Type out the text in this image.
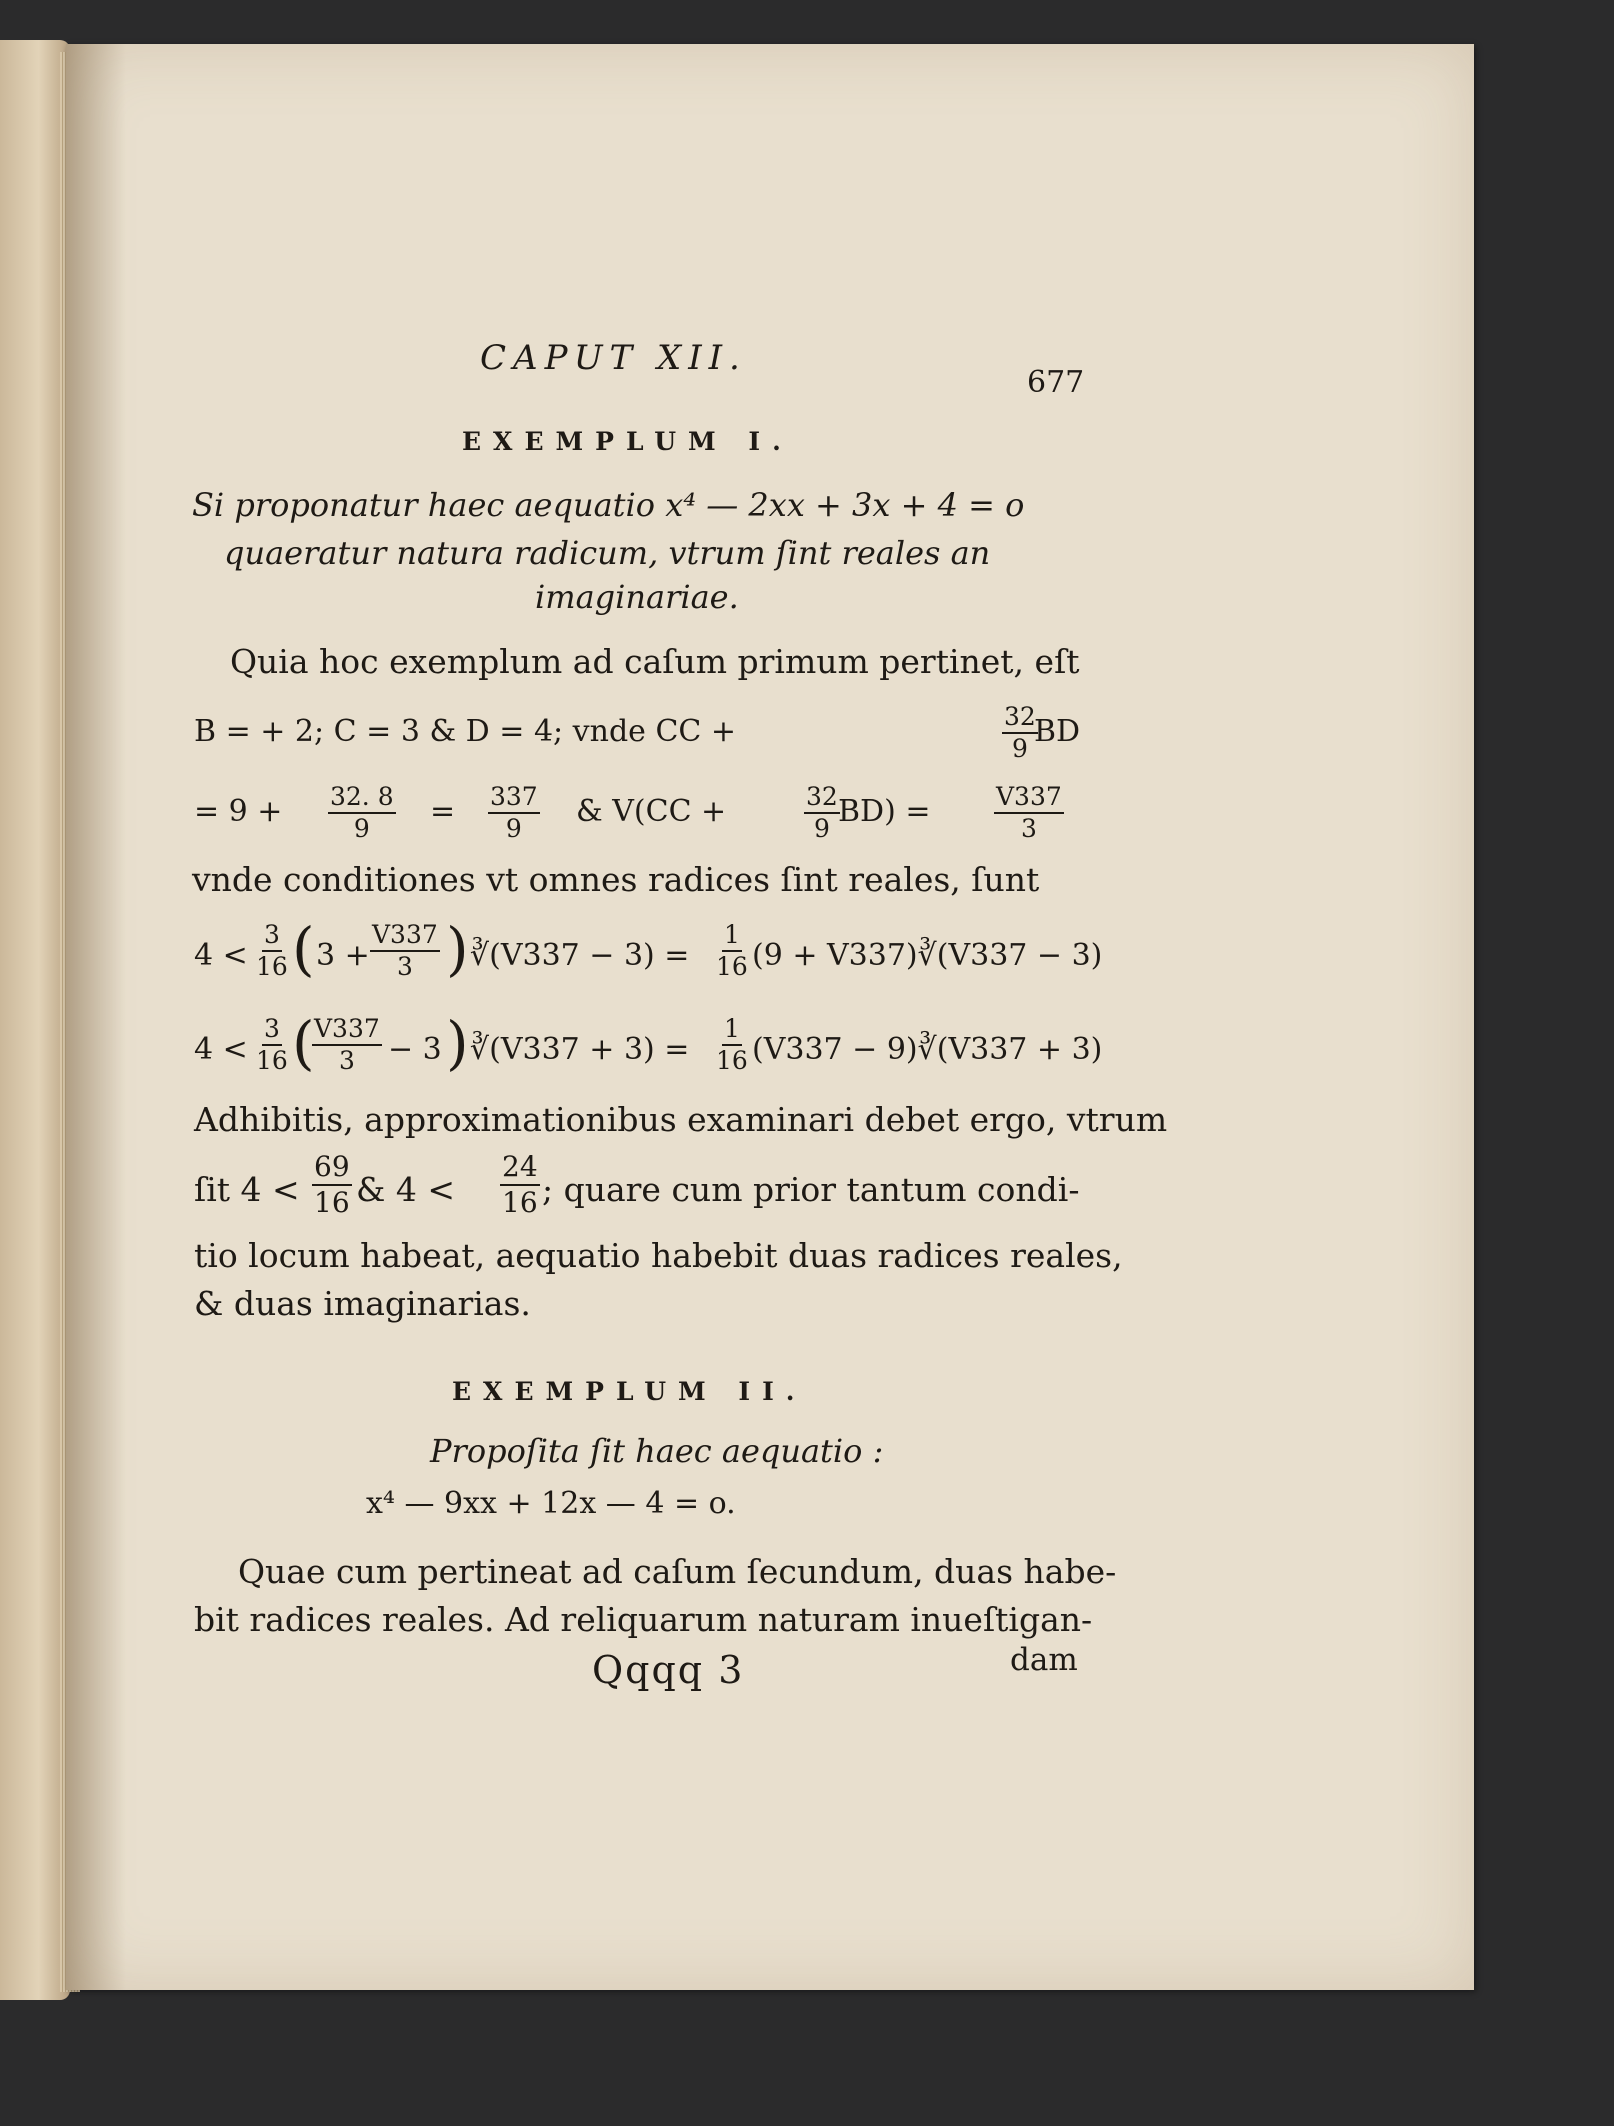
CAPUT XII.
677
EXEMPLUM I.
Si proponatur haec aequatio x⁴ — 2xx + 3x + 4 = o
quaeratur natura radicum, vtrum ſint reales an
imaginariae.
Quia hoc exemplum ad caſum primum pertinet, eſt
B = + 2; C = 3 & D = 4; vnde CC +	$\frac{32}{9}$
BD
= $9 + \frac{32. 8}{9} = \frac{337}{9}$ & V(CC +	$\frac{32}{9}$
BD) =	$\frac{V337}{3}$
vnde conditiones vt omnes radices ſint reales, ſunt
$4 < \frac{3}{16}$ ( $3 + \frac{V337}{3}$ ) ∛(V337 − $3) = \frac{1}{16} (9$ + V337)∛(V337 − 3)
$4 < \frac{3}{16}$ (
$\frac{V337}{3} - 3$ ) ∛(V337 + $3) = \frac{1}{16} (V337$ − 9)∛(V337 + 3)
Adhibitis, approximationibus examinari debet ergo, vtrum
ſit $4 < \frac{69}{16}$ & $4 < \frac{24}{16}$ ; quare cum prior tantum condi-
tio locum habeat, aequatio habebit duas radices reales,
& duas imaginarias.
EXEMPLUM II.
Propoſita ſit haec aequatio :
x⁴ — 9xx + 12x — 4 = o.
Quae cum pertineat ad caſum ſecundum, duas habe-
bit radices reales. Ad reliquarum naturam inueſtigan-
Qqqq 3	dam
